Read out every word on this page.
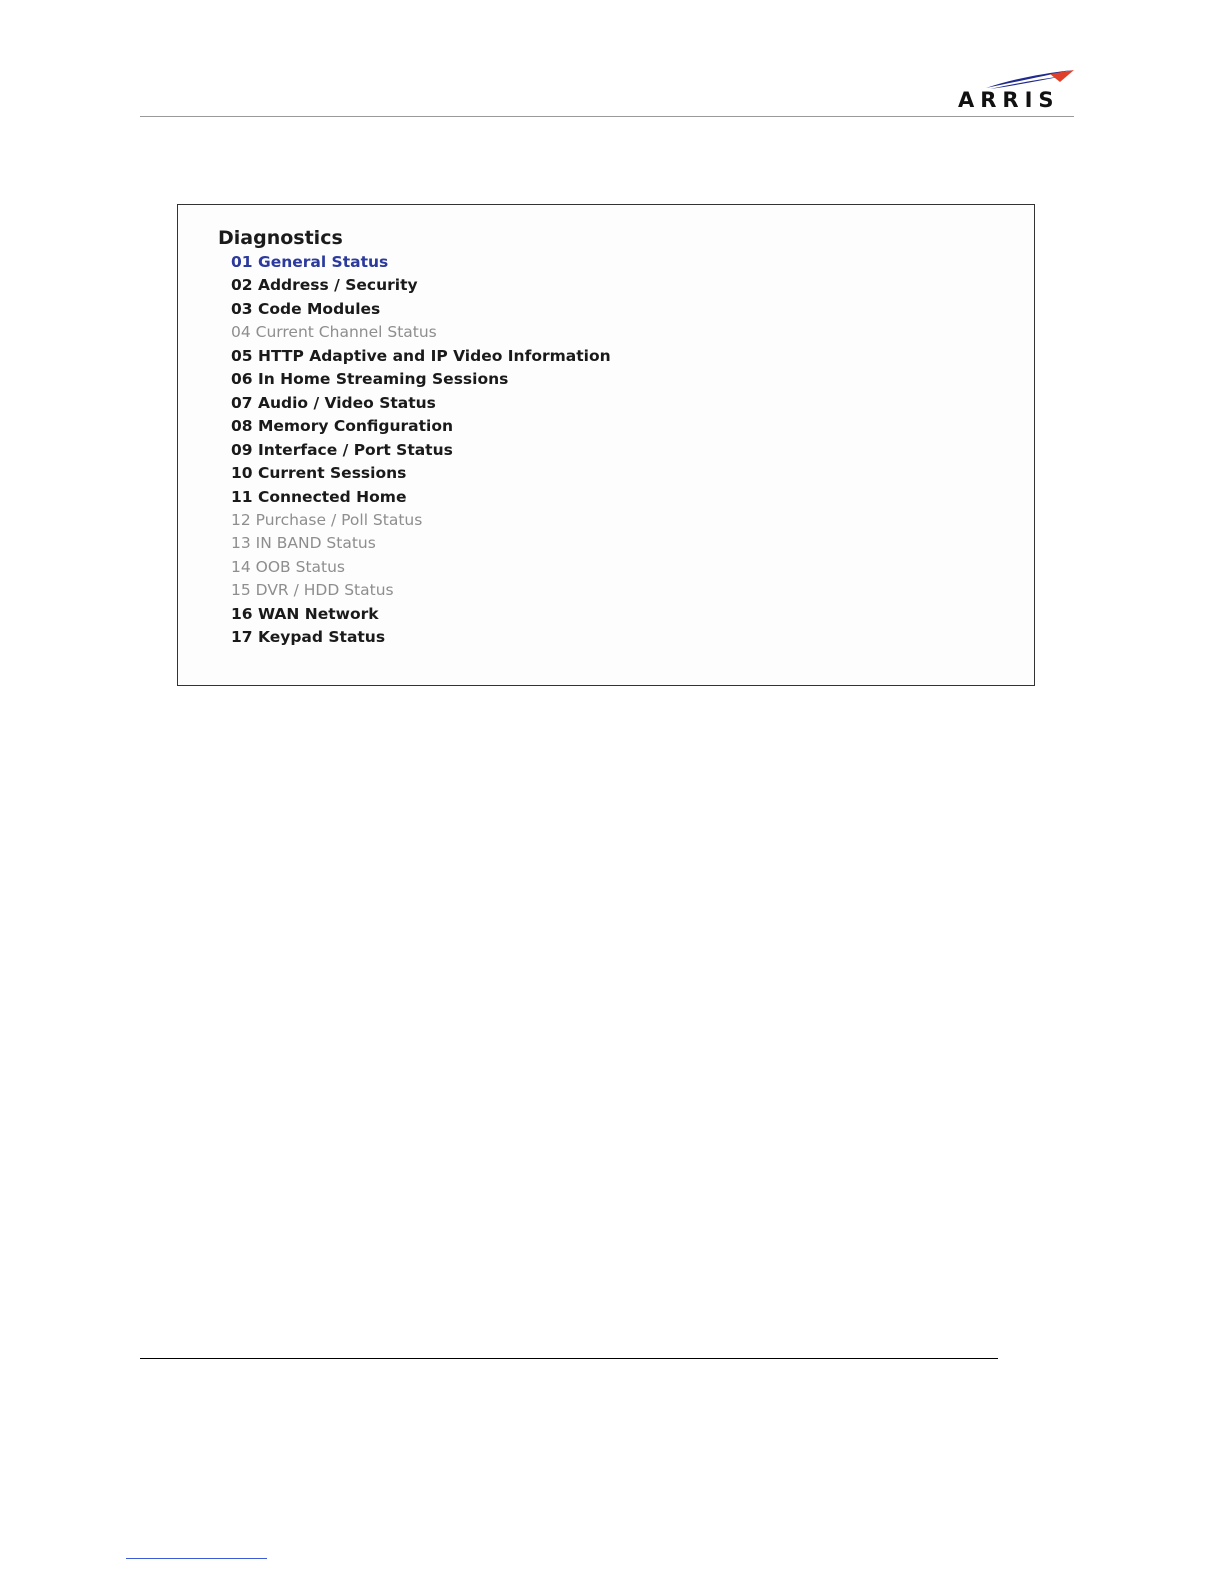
ARRIS
Diagnostics
01 General Status
02 Address / Security
03 Code Modules
04 Current Channel Status
05 HTTP Adaptive and IP Video Information
06 In Home Streaming Sessions
07 Audio / Video Status
08 Memory Configuration
09 Interface / Port Status
10 Current Sessions
11 Connected Home
12 Purchase / Poll Status
13 IN BAND Status
14 OOB Status
15 DVR / HDD Status
16 WAN Network
17 Keypad Status
